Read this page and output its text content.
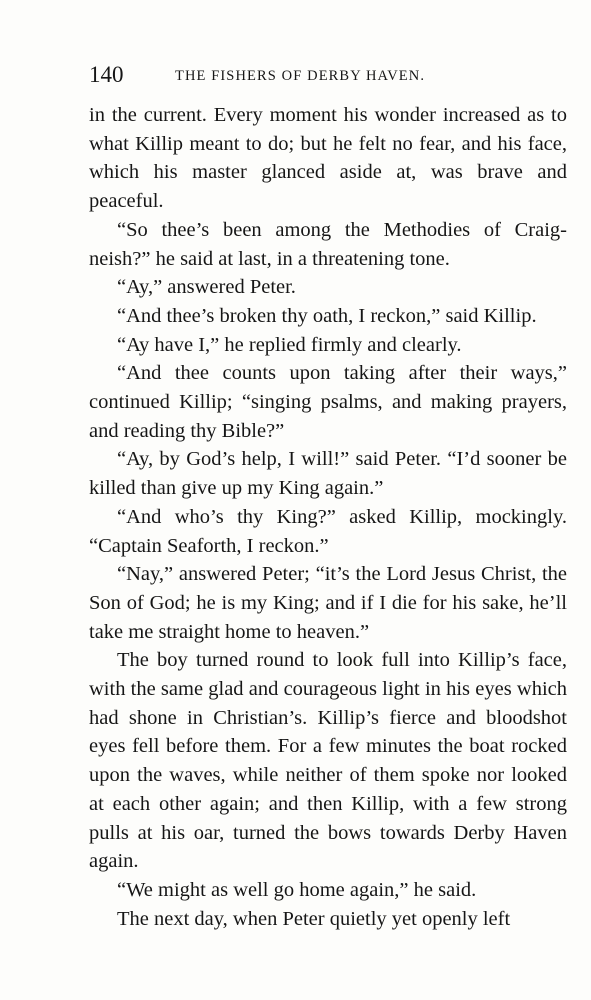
140	THE FISHERS OF DERBY HAVEN.

in the current. Every moment his wonder increased as to what Killip meant to do; but he felt no fear, and his face, which his master glanced aside at, was brave and peaceful.

“So thee’s been among the Methodies of Craig-neish?” he said at last, in a threatening tone.

“Ay,” answered Peter.

“And thee’s broken thy oath, I reckon,” said Killip.

“Ay have I,” he replied firmly and clearly.

“And thee counts upon taking after their ways,” continued Killip; “singing psalms, and making prayers, and reading thy Bible?”

“Ay, by God’s help, I will!” said Peter. “I’d sooner be killed than give up my King again.”

“And who’s thy King?” asked Killip, mockingly. “Captain Seaforth, I reckon.”

“Nay,” answered Peter; “it’s the Lord Jesus Christ, the Son of God; he is my King; and if I die for his sake, he’ll take me straight home to heaven.”

The boy turned round to look full into Killip’s face, with the same glad and courageous light in his eyes which had shone in Christian’s. Killip’s fierce and bloodshot eyes fell before them. For a few minutes the boat rocked upon the waves, while neither of them spoke nor looked at each other again; and then Killip, with a few strong pulls at his oar, turned the bows towards Derby Haven again.

“We might as well go home again,” he said.

The next day, when Peter quietly yet openly left
